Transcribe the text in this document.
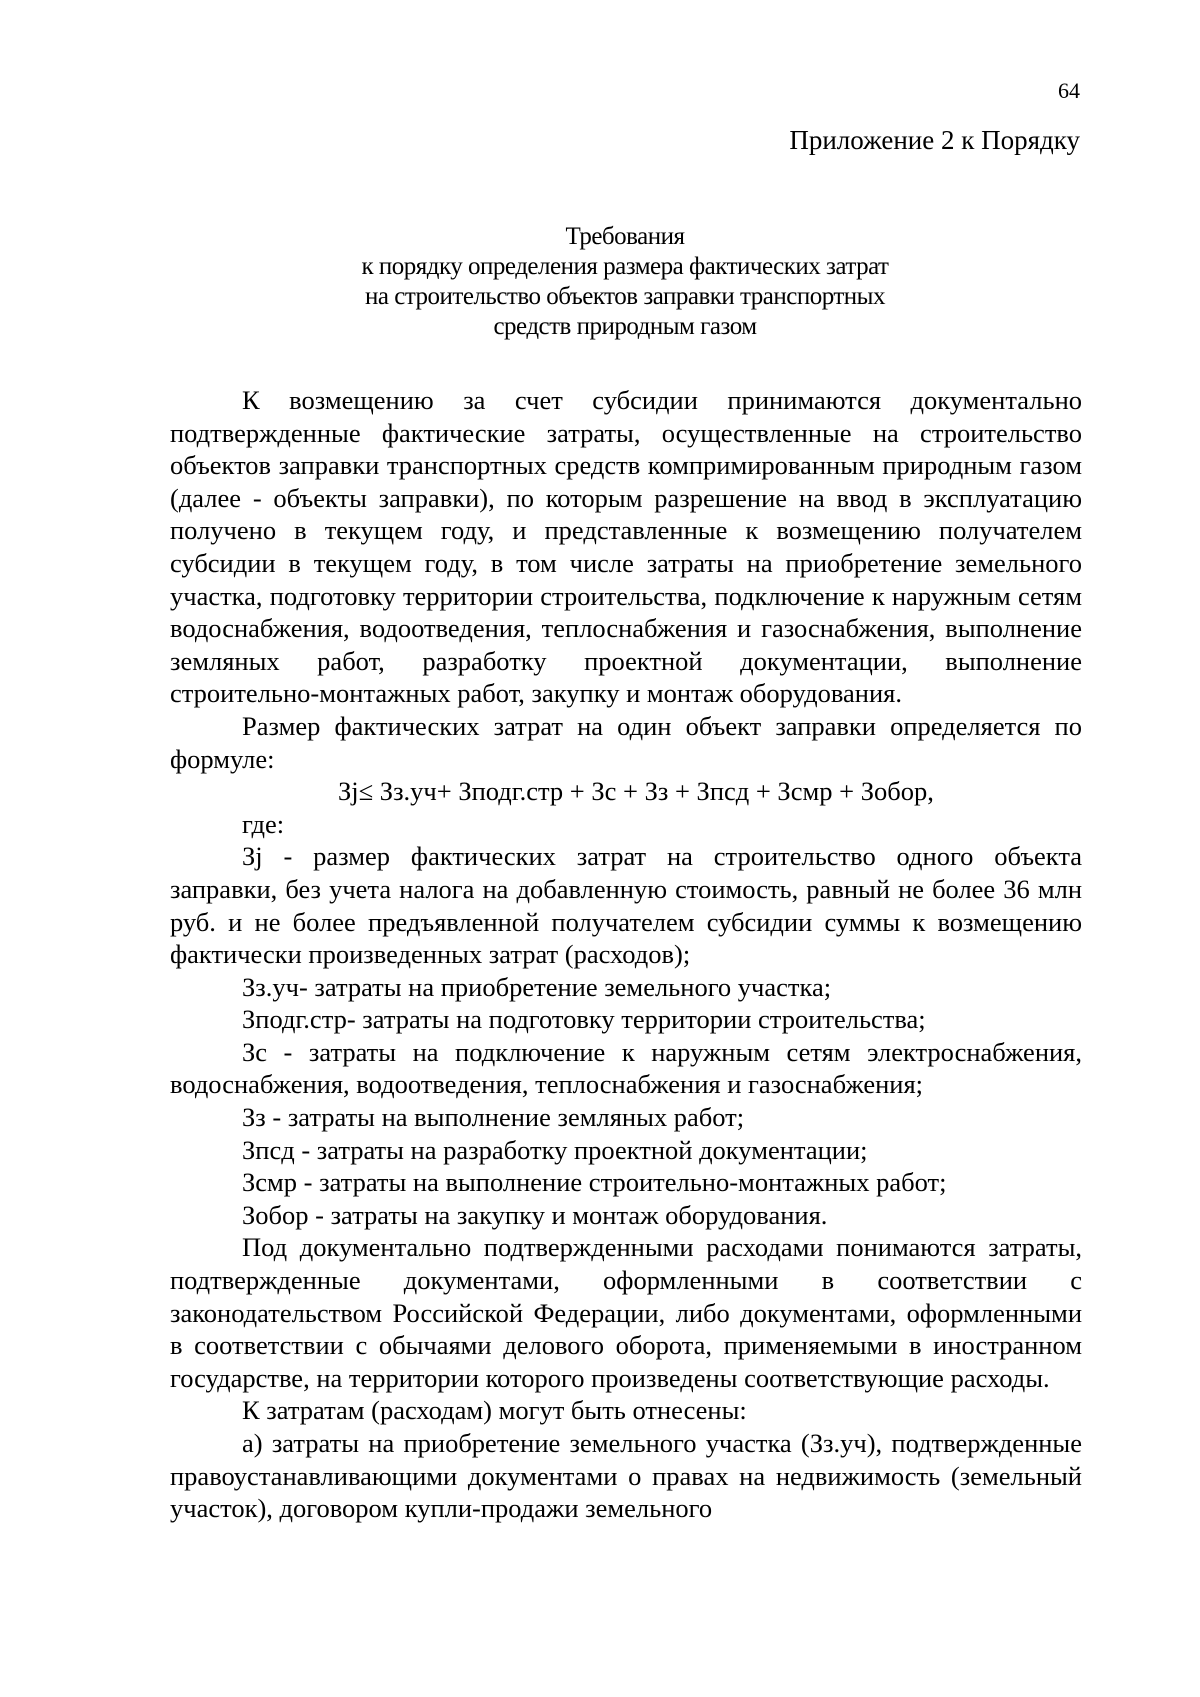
64
Приложение 2 к Порядку
Требования
к порядку определения размера фактических затрат
на строительство объектов заправки транспортных
средств природным газом

К возмещению за счет субсидии принимаются документально подтвержденные фактические затраты, осуществленные на строительство объектов заправки транспортных средств компримированным природным газом (далее - объекты заправки), по которым разрешение на ввод в эксплуатацию получено в текущем году, и представленные к возмещению получателем субсидии в текущем году, в том числе затраты на приобретение земельного участка, подготовку территории строительства, подключение к наружным сетям водоснабжения, водоотведения, теплоснабжения и газоснабжения, выполнение земляных работ, разработку проектной документации, выполнение строительно-монтажных работ, закупку и монтаж оборудования.

Размер фактических затрат на один объект заправки определяется по формуле:

Зj≤ Зз.уч+ Зподг.стр + Зс + Зз + Зпсд + Зсмр + Зобор,
где:

Зj - размер фактических затрат на строительство одного объекта заправки, без учета налога на добавленную стоимость, равный не более 36 млн руб. и не более предъявленной получателем субсидии суммы к возмещению фактически произведенных затрат (расходов);

Зз.уч- затраты на приобретение земельного участка;

Зподг.стр- затраты на подготовку территории строительства;

Зс - затраты на подключение к наружным сетям электроснабжения, водоснабжения, водоотведения, теплоснабжения и газоснабжения;

Зз - затраты на выполнение земляных работ;

Зпсд - затраты на разработку проектной документации;

Зсмр - затраты на выполнение строительно-монтажных работ;

Зобор - затраты на закупку и монтаж оборудования.

Под документально подтвержденными расходами понимаются затраты, подтвержденные документами, оформленными в соответствии с законодательством Российской Федерации, либо документами, оформленными в соответствии с обычаями делового оборота, применяемыми в иностранном государстве, на территории которого произведены соответствующие расходы.

К затратам (расходам) могут быть отнесены:

а) затраты на приобретение земельного участка (Зз.уч), подтвержденные правоустанавливающими документами о правах на недвижимость (земельный участок), договором купли-продажи земельного
